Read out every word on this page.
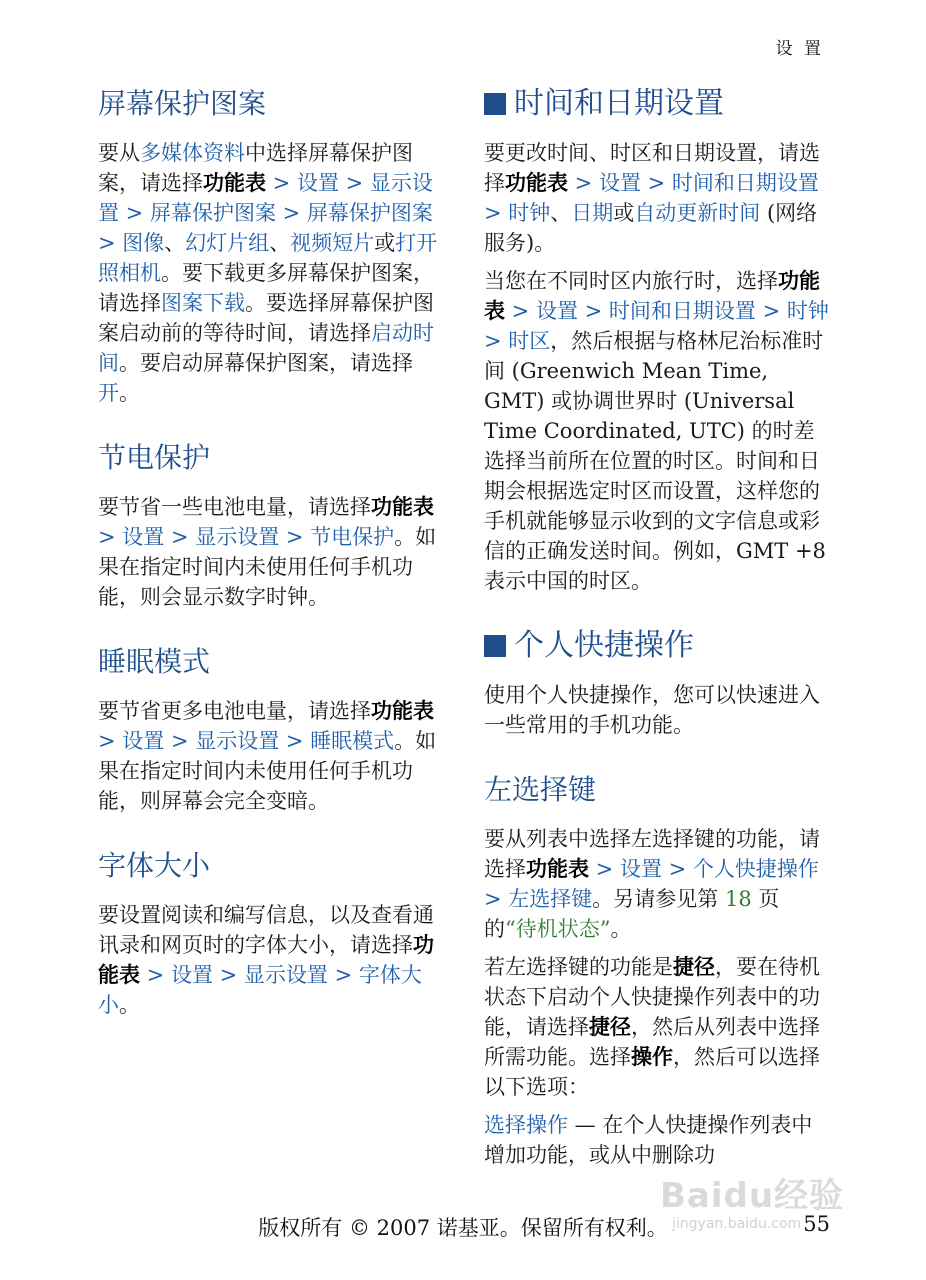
设 置
屏幕保护图案

要从多媒体资料中选择屏幕保护图案，请选择功能表 > 设置 > 显示设置 > 屏幕保护图案 > 屏幕保护图案 > 图像、幻灯片组、视频短片或打开照相机。要下载更多屏幕保护图案，请选择图案下载。要选择屏幕保护图案启动前的等待时间，请选择启动时间。要启动屏幕保护图案，请选择开。

节电保护

要节省一些电池电量，请选择功能表 > 设置 > 显示设置 > 节电保护。如果在指定时间内未使用任何手机功能，则会显示数字时钟。

睡眠模式

要节省更多电池电量，请选择功能表 > 设置 > 显示设置 > 睡眠模式。如果在指定时间内未使用任何手机功能，则屏幕会完全变暗。

字体大小

要设置阅读和编写信息，以及查看通讯录和网页时的字体大小，请选择功能表 > 设置 > 显示设置 > 字体大小。

时间和日期设置

要更改时间、时区和日期设置，请选择功能表 > 设置 > 时间和日期设置 > 时钟、日期或自动更新时间 (网络服务)。

当您在不同时区内旅行时，选择功能表 > 设置 > 时间和日期设置 > 时钟 > 时区，然后根据与格林尼治标准时间 (Greenwich Mean Time, GMT) 或协调世界时 (Universal Time Coordinated, UTC) 的时差选择当前所在位置的时区。时间和日期会根据选定时区而设置，这样您的手机就能够显示收到的文字信息或彩信的正确发送时间。例如，GMT +8 表示中国的时区。

个人快捷操作

使用个人快捷操作，您可以快速进入一些常用的手机功能。

左选择键

要从列表中选择左选择键的功能，请选择功能表 > 设置 > 个人快捷操作 > 左选择键。另请参见第 18 页的“待机状态”。

若左选择键的功能是捷径，要在待机状态下启动个人快捷操作列表中的功能，请选择捷径，然后从列表中选择所需功能。选择操作，然后可以选择以下选项：

选择操作 — 在个人快捷操作列表中增加功能，或从中删除功

Baidu经验
jingyan.baidu.com
版权所有 © 2007 诺基亚。保留所有权利。	55
